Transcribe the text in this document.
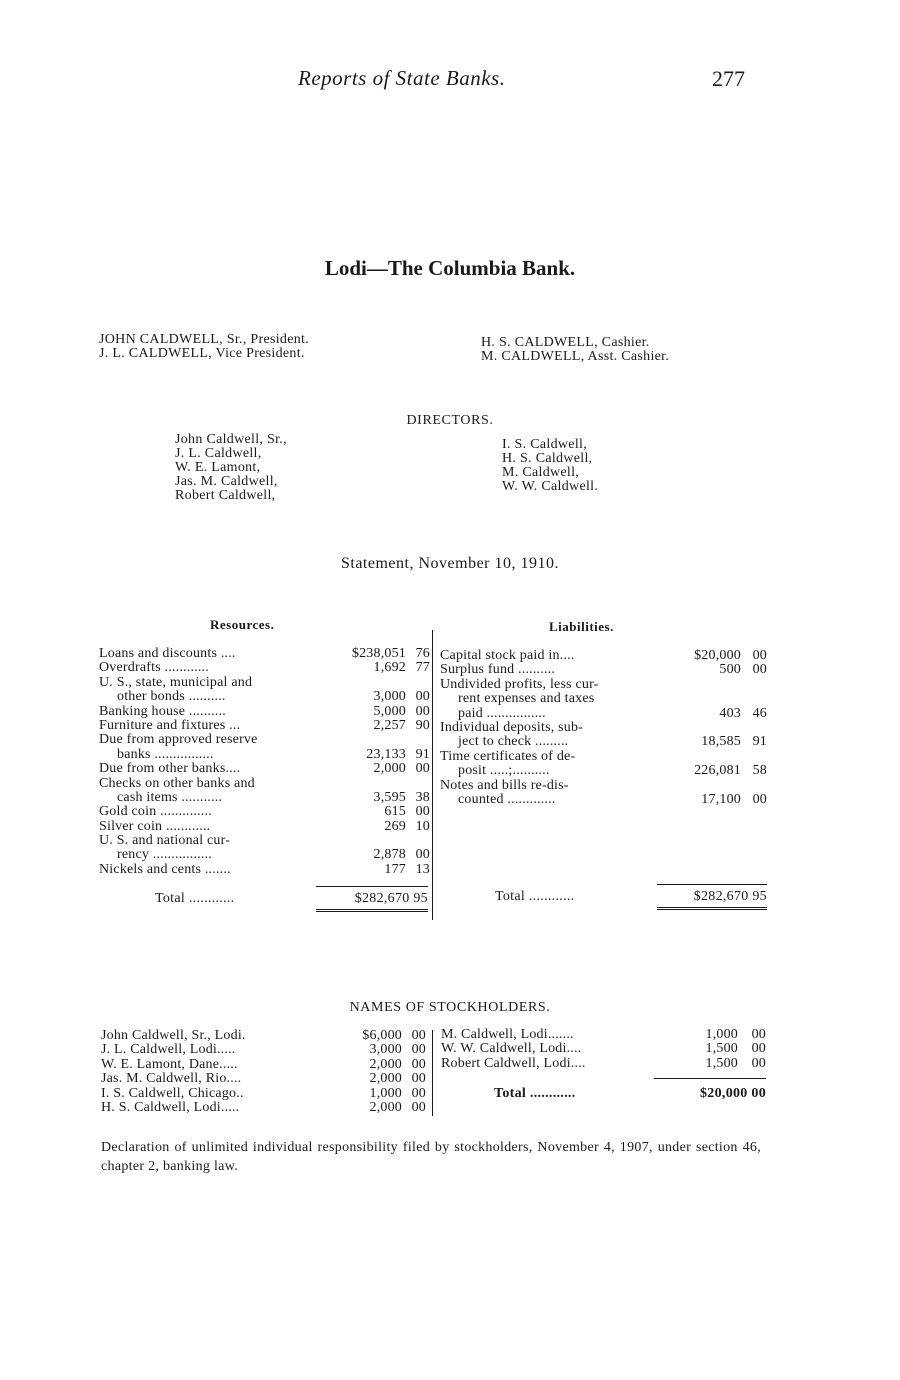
Reports of State Banks.	277
Lodi—The Columbia Bank.
JOHN CALDWELL, Sr., President.
J. L. CALDWELL, Vice President.
H. S. CALDWELL, Cashier.
M. CALDWELL, Asst. Cashier.
DIRECTORS.
John Caldwell, Sr.,
J. L. Caldwell,
W. E. Lamont,
Jas. M. Caldwell,
Robert Caldwell,
I. S. Caldwell,
H. S. Caldwell,
M. Caldwell,
W. W. Caldwell.
Statement, November 10, 1910.
Resources.	Liabilities.
Loans and discounts ....	$238,051 76
Overdrafts ............	1,692 77
U. S., state, municipal and
other bonds ..........	3,000 00
Banking house ..........	5,000 00
Furniture and fixtures ...	2,257 90
Due from approved reserve
banks ................	23,133 91
Due from other banks....	2,000 00
Checks on other banks and
cash items ...........	3,595 38
Gold coin ..............	615 00
Silver coin ............	269 10
U. S. and national cur-
rency ................	2,878 00
Nickels and cents .......	177 13
Capital stock paid in....	$20,000 00
Surplus fund ..........	500 00
Undivided profits, less cur-
rent expenses and taxes
paid ................	403 46
Individual deposits, sub-
ject to check .........	18,585 91
Time certificates of de-
posit .....;..........	226,081 58
Notes and bills re-dis-
counted .............	17,100 00
Total ............	$282,670 95	Total ............	$282,670 95
NAMES OF STOCKHOLDERS.
John Caldwell, Sr., Lodi.	$6,000 00
J. L. Caldwell, Lodi.....	3,000 00
W. E. Lamont, Dane.....	2,000 00
Jas. M. Caldwell, Rio....	2,000 00
I. S. Caldwell, Chicago..	1,000 00
H. S. Caldwell, Lodi.....	2,000 00
M. Caldwell, Lodi.......	1,000 00
W. W. Caldwell, Lodi....	1,500 00
Robert Caldwell, Lodi....	1,500 00
Total ............	$20,000 00
Declaration of unlimited individual responsibility filed by stockholders, November 4, 1907, under section 46, chapter 2, banking law.
